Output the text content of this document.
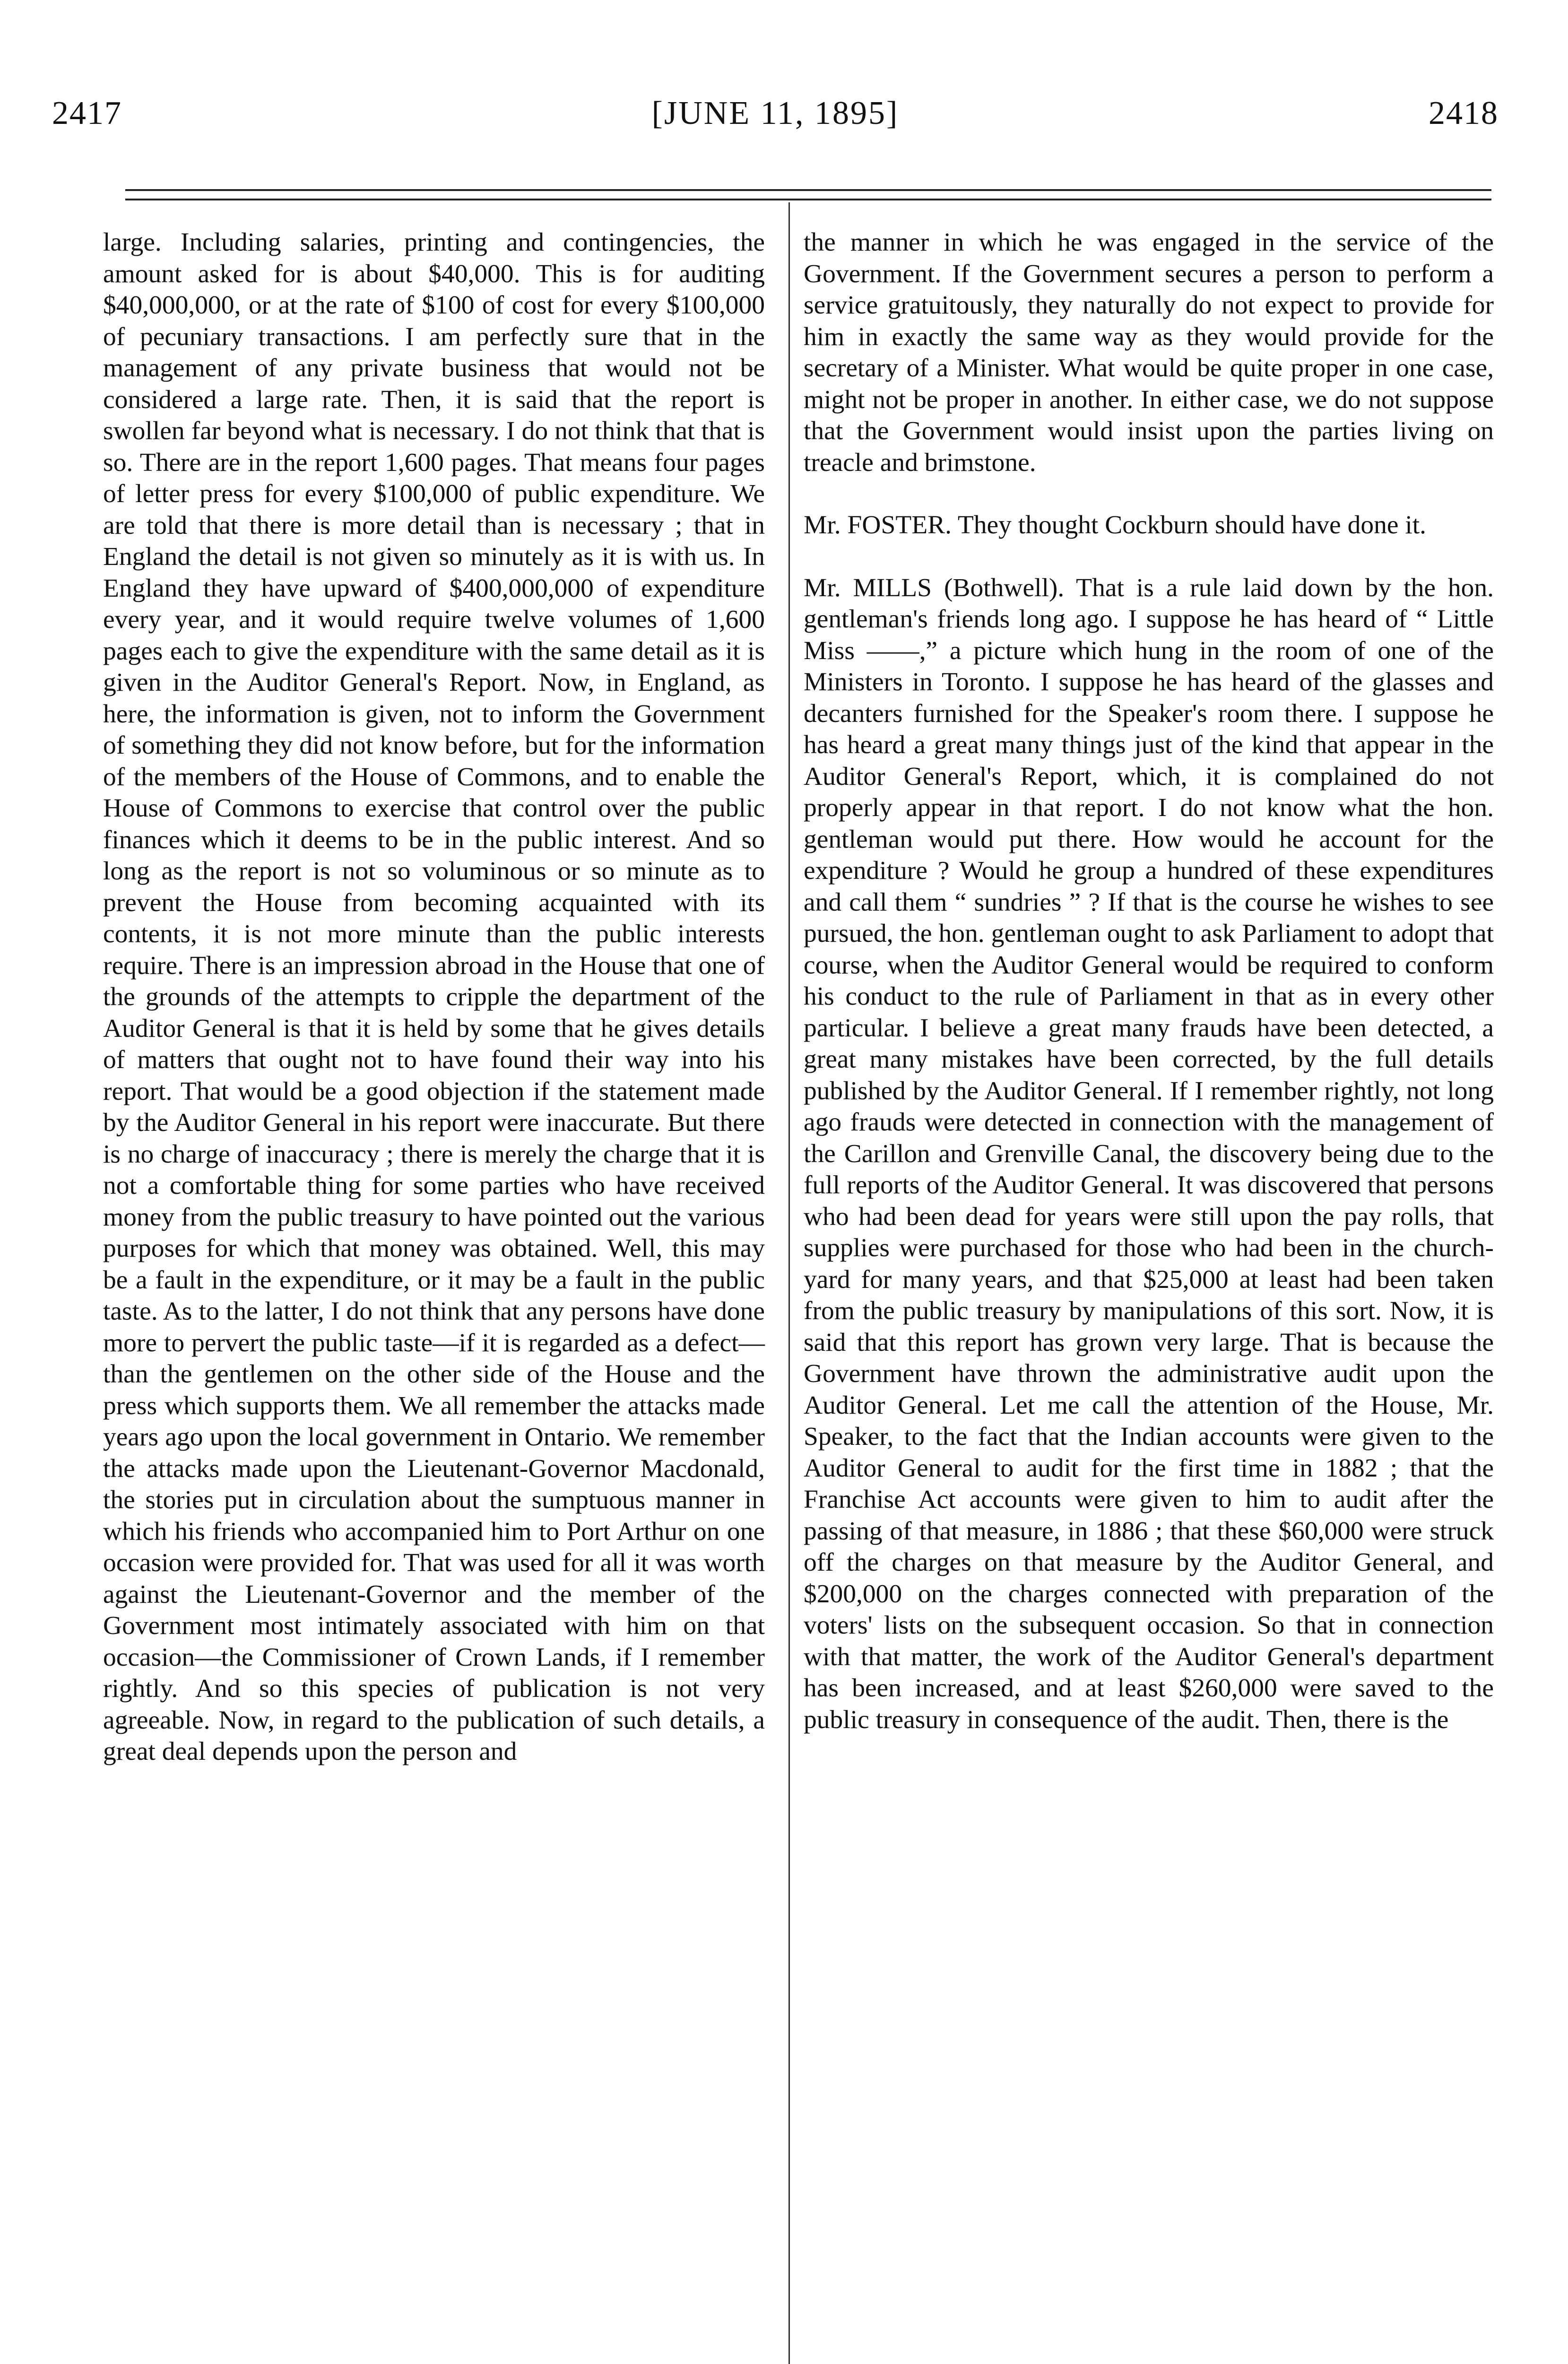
2417	[JUNE 11, 1895]	2418

large. Including salaries, printing and contingencies, the amount asked for is about $40,000. This is for auditing $40,000,000, or at the rate of $100 of cost for every $100,000 of pecuniary transactions. I am perfectly sure that in the management of any private business that would not be considered a large rate. Then, it is said that the report is swollen far beyond what is necessary. I do not think that that is so. There are in the report 1,600 pages. That means four pages of letter press for every $100,000 of public expenditure. We are told that there is more detail than is necessary ; that in England the detail is not given so minutely as it is with us. In England they have upward of $400,000,000 of expenditure every year, and it would require twelve volumes of 1,600 pages each to give the expenditure with the same detail as it is given in the Auditor General's Report. Now, in England, as here, the information is given, not to inform the Government of something they did not know before, but for the information of the members of the House of Commons, and to enable the House of Commons to exercise that control over the public finances which it deems to be in the public interest. And so long as the report is not so voluminous or so minute as to prevent the House from becoming acquainted with its contents, it is not more minute than the public interests require. There is an impression abroad in the House that one of the grounds of the attempts to cripple the department of the Auditor General is that it is held by some that he gives details of matters that ought not to have found their way into his report. That would be a good objection if the statement made by the Auditor General in his report were inaccurate. But there is no charge of inaccuracy ; there is merely the charge that it is not a comfortable thing for some parties who have received money from the public treasury to have pointed out the various purposes for which that money was obtained. Well, this may be a fault in the expenditure, or it may be a fault in the public taste. As to the latter, I do not think that any persons have done more to pervert the public taste—if it is regarded as a defect—than the gentlemen on the other side of the House and the press which supports them. We all remember the attacks made years ago upon the local government in Ontario. We remember the attacks made upon the Lieutenant-Governor Macdonald, the stories put in circulation about the sumptuous manner in which his friends who accompanied him to Port Arthur on one occasion were provided for. That was used for all it was worth against the Lieutenant-Governor and the member of the Government most intimately associated with him on that occasion—the Commissioner of Crown Lands, if I remember rightly. And so this species of publication is not very agreeable. Now, in regard to the publication of such details, a great deal depends upon the person and

the manner in which he was engaged in the service of the Government. If the Government secures a person to perform a service gratuitously, they naturally do not expect to provide for him in exactly the same way as they would provide for the secretary of a Minister. What would be quite proper in one case, might not be proper in another. In either case, we do not suppose that the Government would insist upon the parties living on treacle and brimstone.

Mr. FOSTER. They thought Cockburn should have done it.

Mr. MILLS (Bothwell). That is a rule laid down by the hon. gentleman's friends long ago. I suppose he has heard of “ Little Miss ——,” a picture which hung in the room of one of the Ministers in Toronto. I suppose he has heard of the glasses and decanters furnished for the Speaker's room there. I suppose he has heard a great many things just of the kind that appear in the Auditor General's Report, which, it is complained do not properly appear in that report. I do not know what the hon. gentleman would put there. How would he account for the expenditure ? Would he group a hundred of these expenditures and call them “ sundries ” ? If that is the course he wishes to see pursued, the hon. gentleman ought to ask Parliament to adopt that course, when the Auditor General would be required to conform his conduct to the rule of Parliament in that as in every other particular. I believe a great many frauds have been detected, a great many mistakes have been corrected, by the full details published by the Auditor General. If I remember rightly, not long ago frauds were detected in connection with the management of the Carillon and Grenville Canal, the discovery being due to the full reports of the Auditor General. It was discovered that persons who had been dead for years were still upon the pay rolls, that supplies were purchased for those who had been in the church-yard for many years, and that $25,000 at least had been taken from the public treasury by manipulations of this sort. Now, it is said that this report has grown very large. That is because the Government have thrown the administrative audit upon the Auditor General. Let me call the attention of the House, Mr. Speaker, to the fact that the Indian accounts were given to the Auditor General to audit for the first time in 1882 ; that the Franchise Act accounts were given to him to audit after the passing of that measure, in 1886 ; that these $60,000 were struck off the charges on that measure by the Auditor General, and $200,000 on the charges connected with preparation of the voters' lists on the subsequent occasion. So that in connection with that matter, the work of the Auditor General's department has been increased, and at least $260,000 were saved to the public treasury in consequence of the audit. Then, there is the
